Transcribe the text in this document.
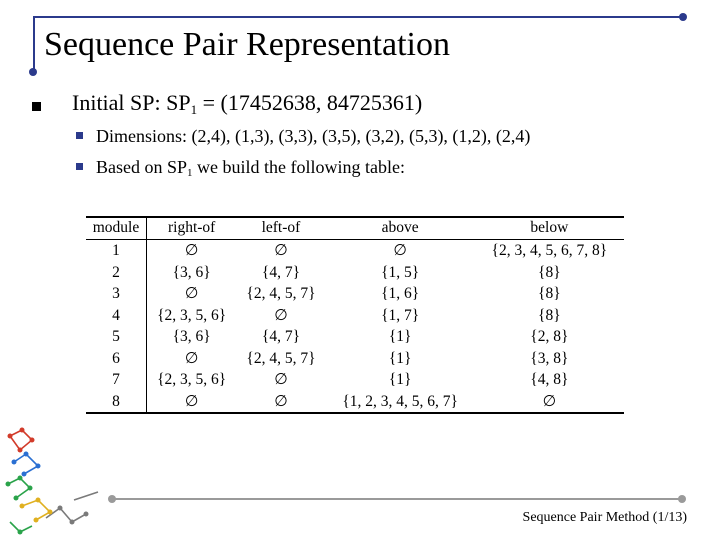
Sequence Pair Representation
Initial SP: $SP_1 = (17452638$, 84725361)
Dimensions: (2,4), (1,3), (3,3), (3,5), (3,2), (5,3), (1,2), (2,4)
Based on SP1 we build the following table:
module	right-of	left-of	above	below
1	∅	∅	∅	{2, 3, 4, 5, 6, 7, 8}
2	{3, 6}	{4, 7}	{1, 5}	{8}
3	∅	{2, 4, 5, 7}	{1, 6}	{8}
4	{2, 3, 5, 6}	∅	{1, 7}	{8}
5	{3, 6}	{4, 7}	{1}	{2, 8}
6	∅	{2, 4, 5, 7}	{1}	{3, 8}
7	{2, 3, 5, 6}	∅	{1}	{4, 8}
8	∅	∅	{1, 2, 3, 4, 5, 6, 7}	∅
Sequence Pair Method (1/13)
